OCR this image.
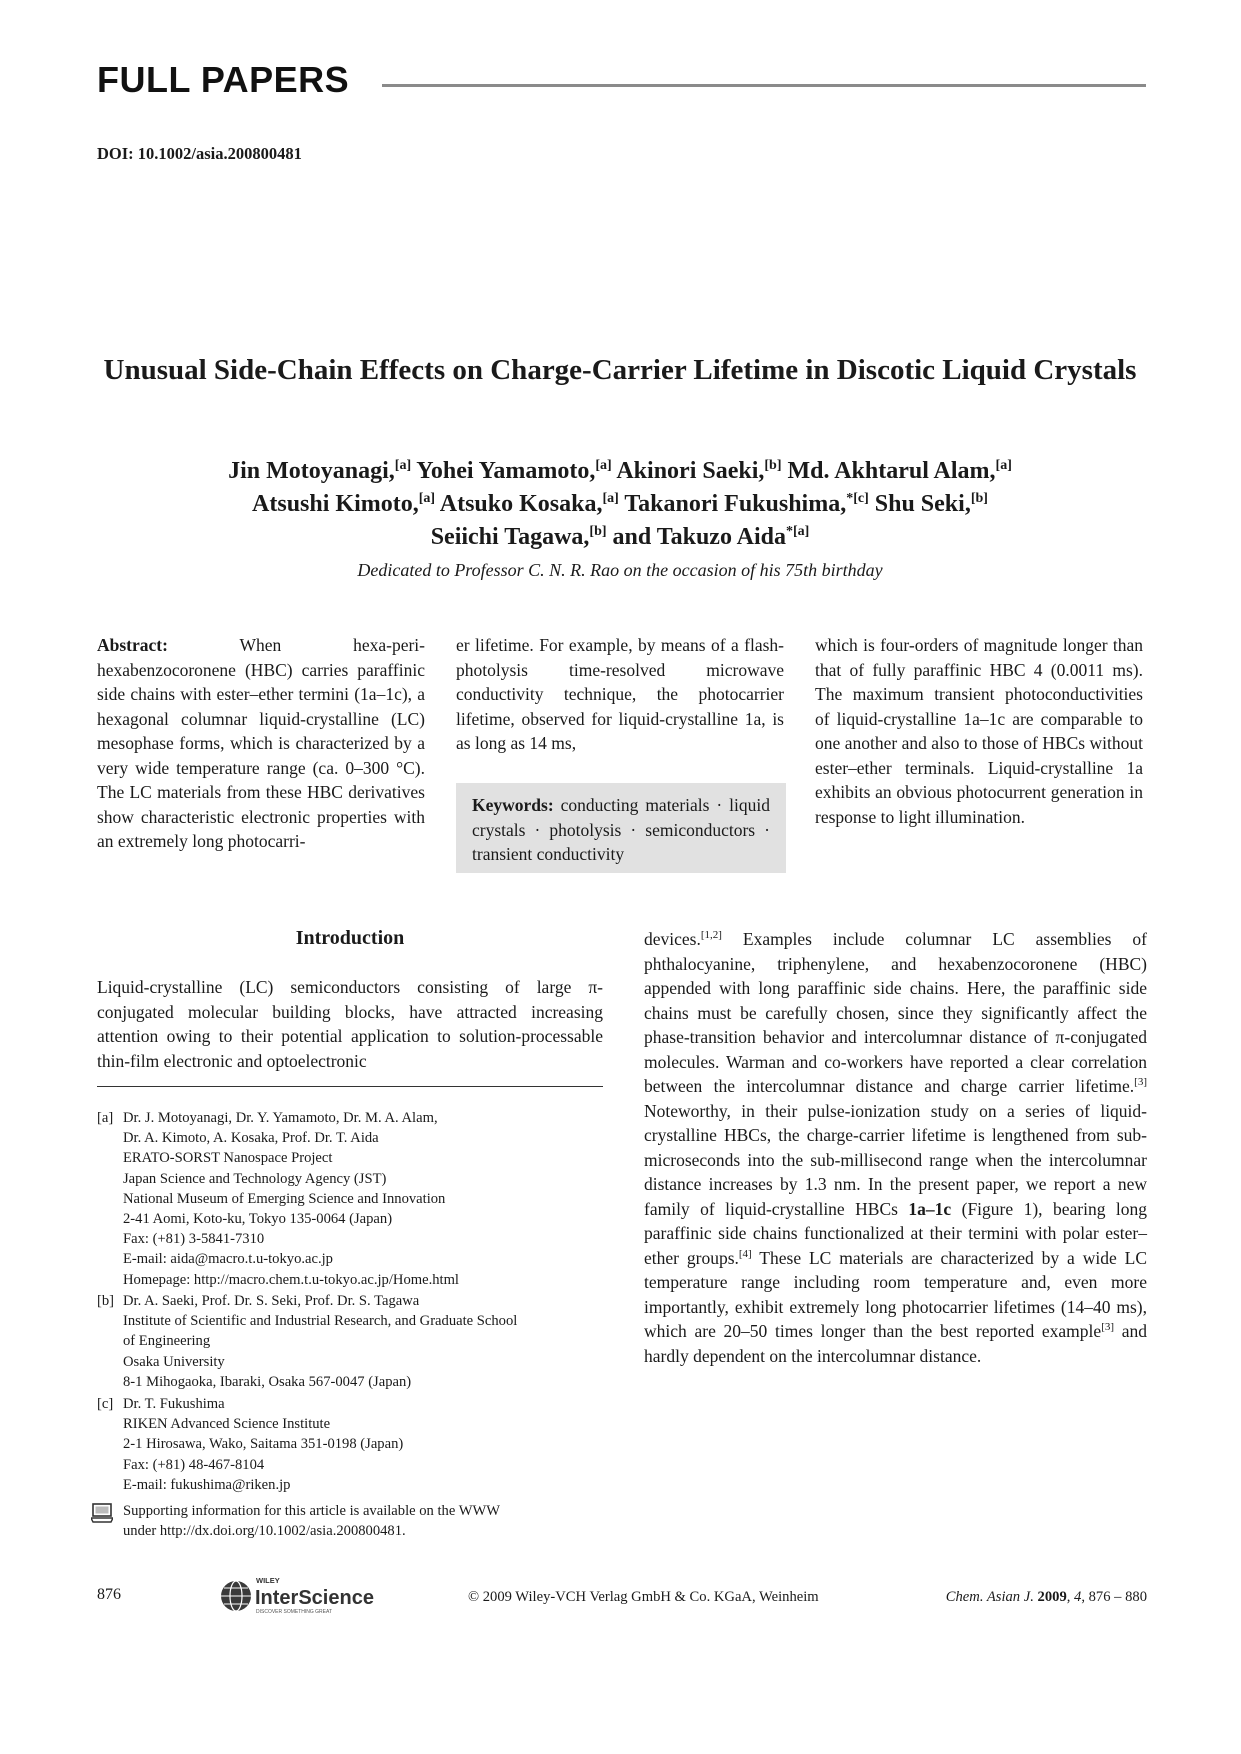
FULL PAPERS
DOI: 10.1002/asia.200800481
Unusual Side-Chain Effects on Charge-Carrier Lifetime in Discotic Liquid Crystals
Jin Motoyanagi,[a] Yohei Yamamoto,[a] Akinori Saeki,[b] Md. Akhtarul Alam,[a]
Atsushi Kimoto,[a] Atsuko Kosaka,[a] Takanori Fukushima,$^{*[c]}$ Shu Seki,[b]
Seiichi Tagawa,[b] and Takuzo Aida$^{*[a]}$
Dedicated to Professor C. N. R. Rao on the occasion of his 75th birthday
Abstract:	When hexa-peri-hexabenzocoronene (HBC) carries paraffinic side chains with ester–ether termini (1a–1c), a hexagonal columnar liquid-crystalline (LC) mesophase forms, which is characterized by a very wide temperature range (ca. 0–300 °C). The LC materials from these HBC derivatives show characteristic electronic properties with an extremely long photocarri-
er lifetime. For example, by means of a flash-photolysis time-resolved microwave conductivity technique, the photocarrier lifetime, observed for liquid-crystalline 1a, is as long as 14 ms,
Keywords: conducting materials · liquid crystals · photolysis · semiconductors · transient conductivity
which is four-orders of magnitude longer than that of fully paraffinic HBC 4 (0.0011 ms). The maximum transient photoconductivities of liquid-crystalline 1a–1c are comparable to one another and also to those of HBCs without ester–ether terminals. Liquid-crystalline 1a exhibits an obvious photocurrent generation in response to light illumination.
Introduction
Liquid-crystalline (LC) semiconductors consisting of large π-conjugated molecular building blocks, have attracted increasing attention owing to their potential application to solution-processable thin-film electronic and optoelectronic
devices.[1,2] Examples include columnar LC assemblies of phthalocyanine, triphenylene, and hexabenzocoronene (HBC) appended with long paraffinic side chains. Here, the paraffinic side chains must be carefully chosen, since they significantly affect the phase-transition behavior and intercolumnar distance of π-conjugated molecules. Warman and co-workers have reported a clear correlation between the intercolumnar distance and charge carrier lifetime.[3] Noteworthy, in their pulse-ionization study on a series of liquid-crystalline HBCs, the charge-carrier lifetime is lengthened from sub-microseconds into the sub-millisecond range when the intercolumnar distance increases by 1.3 nm. In the present paper, we report a new family of liquid-crystalline HBCs 1a–1c (Figure 1), bearing long paraffinic side chains functionalized at their termini with polar ester–ether groups.[4] These LC materials are characterized by a wide LC temperature range including room temperature and, even more importantly, exhibit extremely long photocarrier lifetimes (14–40 ms), which are 20–50 times longer than the best reported example[3] and hardly dependent on the intercolumnar distance.
[a] Dr. J. Motoyanagi, Dr. Y. Yamamoto, Dr. M. A. Alam,
Dr. A. Kimoto, A. Kosaka, Prof. Dr. T. Aida
ERATO-SORST Nanospace Project
Japan Science and Technology Agency (JST)
National Museum of Emerging Science and Innovation
2-41 Aomi, Koto-ku, Tokyo 135-0064 (Japan)
Fax: (+81) 3-5841-7310
E-mail: aida@macro.t.u-tokyo.ac.jp
Homepage: http://macro.chem.t.u-tokyo.ac.jp/Home.html
[b] Dr. A. Saeki, Prof. Dr. S. Seki, Prof. Dr. S. Tagawa
Institute of Scientific and Industrial Research, and Graduate School
of Engineering
Osaka University
8-1 Mihogaoka, Ibaraki, Osaka 567-0047 (Japan)
[c] Dr. T. Fukushima
RIKEN Advanced Science Institute
2-1 Hirosawa, Wako, Saitama 351-0198 (Japan)
Fax: (+81) 48-467-8104
E-mail: fukushima@riken.jp
Supporting information for this article is available on the WWW
under http://dx.doi.org/10.1002/asia.200800481.
876
WILEY
InterScience
DISCOVER SOMETHING GREAT
© 2009 Wiley-VCH Verlag GmbH & Co. KGaA, Weinheim	Chem. Asian J. 2009, 4, 876 – 880
